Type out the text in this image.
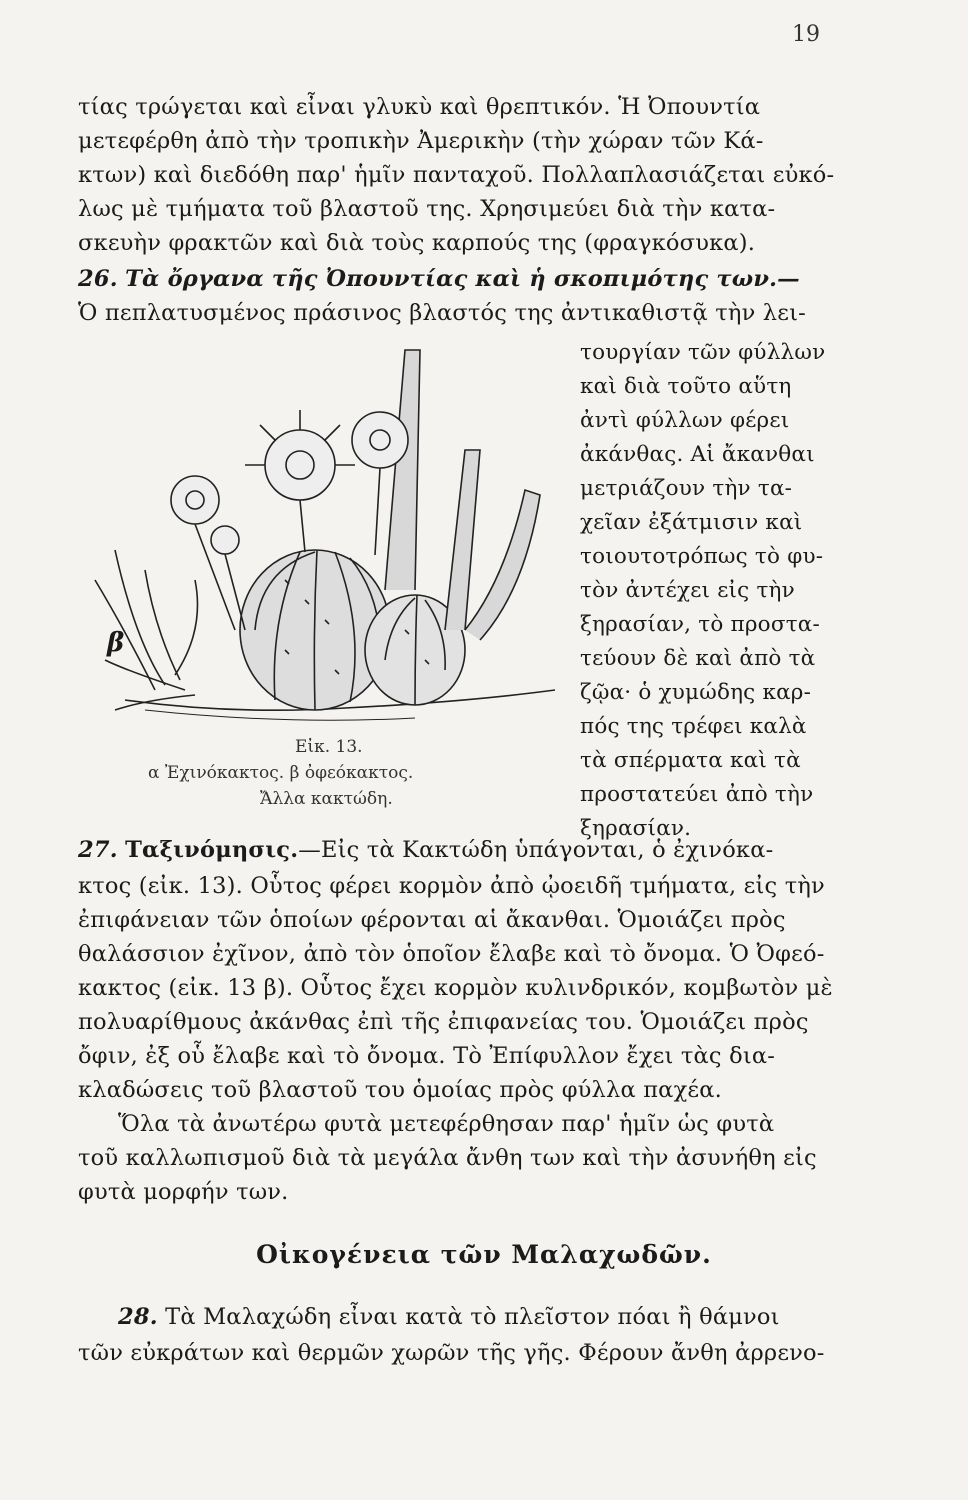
19
τίας τρώγεται καὶ εἶναι γλυκὺ καὶ θρεπτικόν. Ἡ Ὀπουντία
μετεφέρθη ἀπὸ τὴν τροπικὴν Ἀμερικὴν (τὴν χώραν τῶν Κά-
κτων) καὶ διεδόθη παρ' ἡμῖν πανταχοῦ. Πολλαπλασιάζεται εὐκό-
λως μὲ τμήματα τοῦ βλαστοῦ της. Χρησιμεύει διὰ τὴν κατα-
σκευὴν φρακτῶν καὶ διὰ τοὺς καρπούς της (φραγκόσυκα).
26. Τὰ ὄργανα τῆς Ὀπουντίας καὶ ἡ σκοπιμότης των.—
Ὁ πεπλατυσμένος πράσινος βλαστός της ἀντικαθιστᾷ τὴν λει-
τουργίαν τῶν φύλλων
καὶ διὰ τοῦτο αὕτη
ἀντὶ φύλλων φέρει
ἀκάνθας. Αἱ ἄκανθαι
μετριάζουν τὴν τα-
χεῖαν ἐξάτμισιν καὶ
τοιουτοτρόπως τὸ φυ-
τὸν ἀντέχει εἰς τὴν
ξηρασίαν, τὸ προστα-
τεύουν δὲ καὶ ἀπὸ τὰ
ζῷα· ὁ χυμώδης καρ-
πός της τρέφει καλὰ
τὰ σπέρματα καὶ τὰ
προστατεύει ἀπὸ τὴν
ξηρασίαν.
β
Εἰκ. 13.
α Ἐχινόκακτος. β ὀφεόκακτος.
Ἄλλα κακτώδη.
27. Ταξινόμησις.—Εἰς τὰ Κακτώδη ὑπάγονται, ὁ ἐχινόκα-
κτος (εἰκ. 13). Οὗτος φέρει κορμὸν ἀπὸ ᾠοειδῆ τμήματα, εἰς τὴν
ἐπιφάνειαν τῶν ὁποίων φέρονται αἱ ἄκανθαι. Ὁμοιάζει πρὸς
θαλάσσιον ἐχῖνον, ἀπὸ τὸν ὁποῖον ἔλαβε καὶ τὸ ὄνομα. Ὁ Ὀφεό-
κακτος (εἰκ. 13 β). Οὗτος ἔχει κορμὸν κυλινδρικόν, κομβωτὸν μὲ
πολυαρίθμους ἀκάνθας ἐπὶ τῆς ἐπιφανείας του. Ὁμοιάζει πρὸς
ὄφιν, ἐξ οὗ ἔλαβε καὶ τὸ ὄνομα. Τὸ Ἐπίφυλλον ἔχει τὰς δια-
κλαδώσεις τοῦ βλαστοῦ του ὁμοίας πρὸς φύλλα παχέα.
Ὅλα τὰ ἀνωτέρω φυτὰ μετεφέρθησαν παρ' ἡμῖν ὡς φυτὰ
τοῦ καλλωπισμοῦ διὰ τὰ μεγάλα ἄνθη των καὶ τὴν ἀσυνήθη εἰς
φυτὰ μορφήν των.
Οἰκογένεια τῶν Μαλαχωδῶν.
28. Τὰ Μαλαχώδη εἶναι κατὰ τὸ πλεῖστον πόαι ἢ θάμνοι
τῶν εὐκράτων καὶ θερμῶν χωρῶν τῆς γῆς. Φέρουν ἄνθη ἀρρενο-
